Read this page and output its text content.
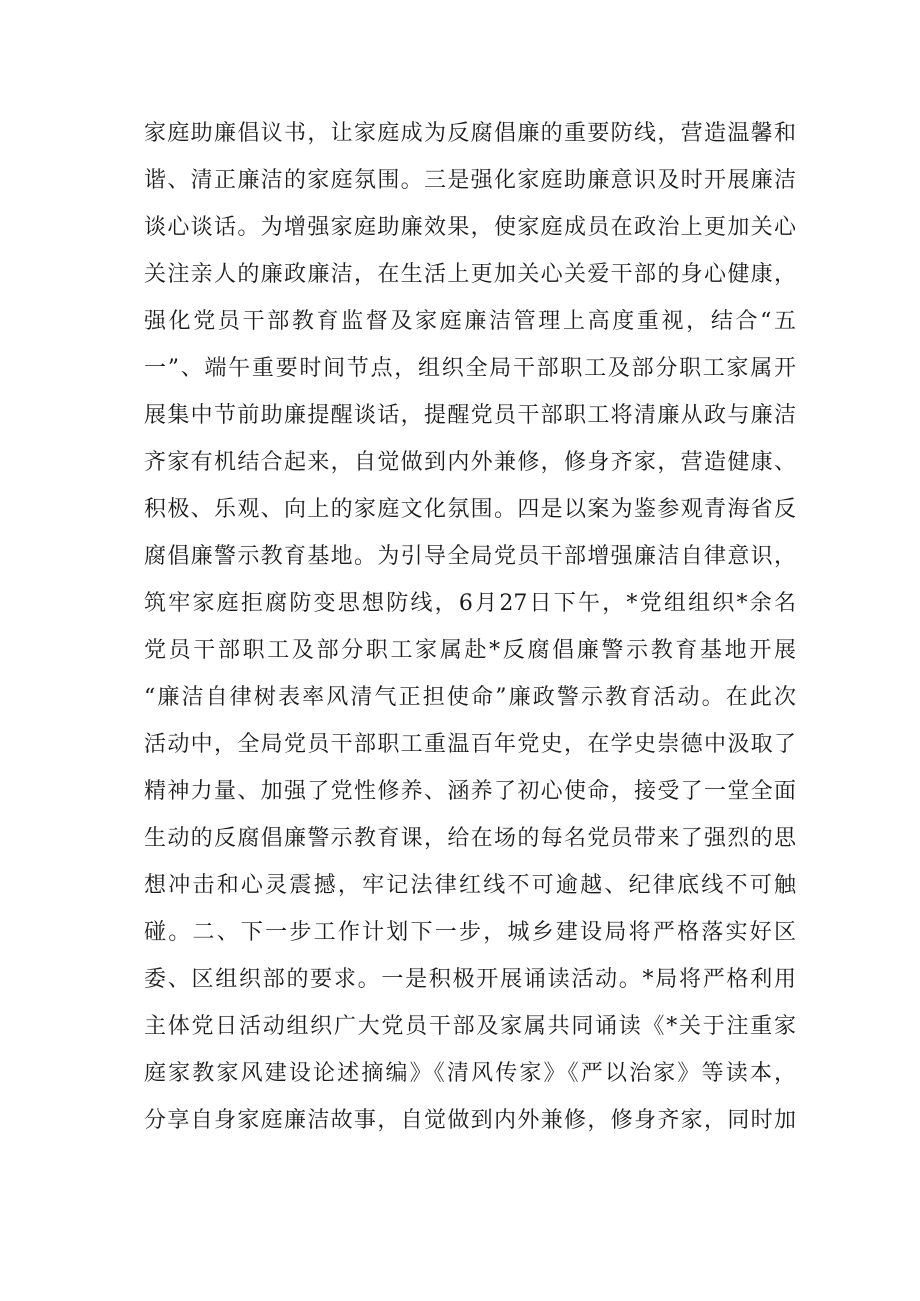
家庭助廉倡议书，让家庭成为反腐倡廉的重要防线，营造温馨和
谐、清正廉洁的家庭氛围。三是强化家庭助廉意识及时开展廉洁
谈心谈话。为增强家庭助廉效果，使家庭成员在政治上更加关心
关注亲人的廉政廉洁，在生活上更加关心关爱干部的身心健康，
强化党员干部教育监督及家庭廉洁管理上高度重视，结合“五
一”、端午重要时间节点，组织全局干部职工及部分职工家属开
展集中节前助廉提醒谈话，提醒党员干部职工将清廉从政与廉洁
齐家有机结合起来，自觉做到内外兼修，修身齐家，营造健康、
积极、乐观、向上的家庭文化氛围。四是以案为鉴参观青海省反
腐倡廉警示教育基地。为引导全局党员干部增强廉洁自律意识，
筑牢家庭拒腐防变思想防线，6月27日下午，*党组组织*余名
党员干部职工及部分职工家属赴*反腐倡廉警示教育基地开展
“廉洁自律树表率风清气正担使命”廉政警示教育活动。在此次
活动中，全局党员干部职工重温百年党史，在学史崇德中汲取了
精神力量、加强了党性修养、涵养了初心使命，接受了一堂全面
生动的反腐倡廉警示教育课，给在场的每名党员带来了强烈的思
想冲击和心灵震撼，牢记法律红线不可逾越、纪律底线不可触
碰。二、下一步工作计划下一步，城乡建设局将严格落实好区
委、区组织部的要求。一是积极开展诵读活动。*局将严格利用
主体党日活动组织广大党员干部及家属共同诵读《*关于注重家
庭家教家风建设论述摘编》《清风传家》《严以治家》等读本，
分享自身家庭廉洁故事，自觉做到内外兼修，修身齐家，同时加
